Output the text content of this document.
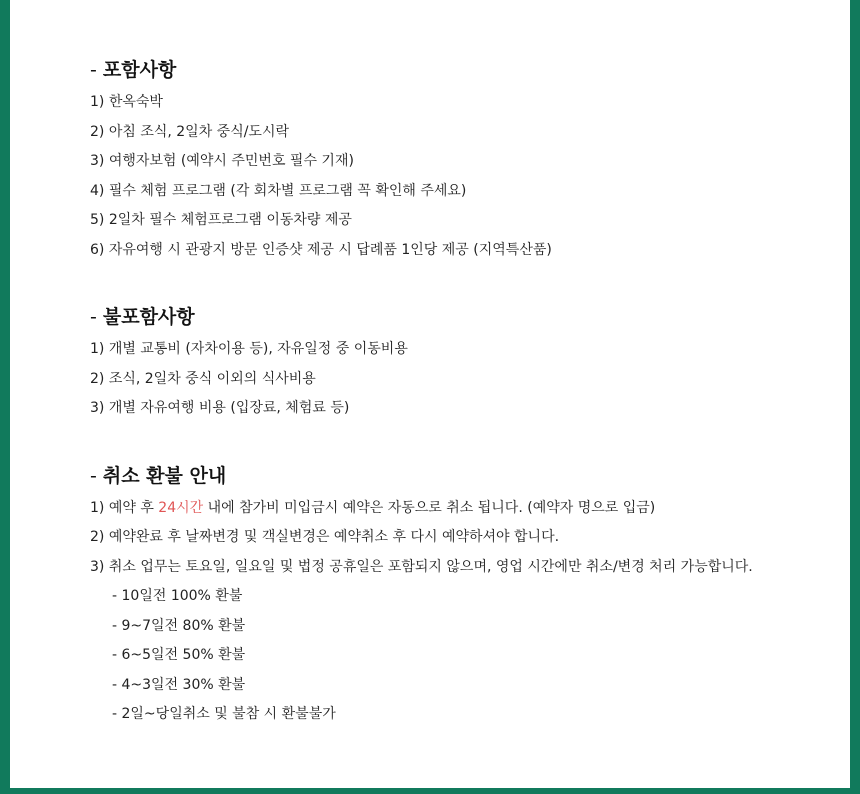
- 포함사항
1) 한옥숙박
2) 아침 조식, 2일차 중식/도시락
3) 여행자보험 (예약시 주민번호 필수 기재)
4) 필수 체험 프로그램 (각 회차별 프로그램 꼭 확인해 주세요)
5) 2일차 필수 체험프로그램 이동차량 제공
6) 자유여행 시 관광지 방문 인증샷 제공 시 답례품 1인당 제공 (지역특산품)
- 불포함사항
1) 개별 교통비 (자차이용 등), 자유일정 중 이동비용
2) 조식, 2일차 중식 이외의 식사비용
3) 개별 자유여행 비용 (입장료, 체험료 등)
- 취소 환불 안내
1) 예약 후 24시간 내에 참가비 미입금시 예약은 자동으로 취소 됩니다. (예약자 명으로 입금)
2) 예약완료 후 날짜변경 및 객실변경은 예약취소 후 다시 예약하셔야 합니다.
3) 취소 업무는 토요일, 일요일 및 법정 공휴일은 포함되지 않으며, 영업 시간에만 취소/변경 처리 가능합니다.
- 10일전 100% 환불
- 9~7일전 80% 환불
- 6~5일전 50% 환불
- 4~3일전 30% 환불
- 2일~당일취소 및 불참 시 환불불가
